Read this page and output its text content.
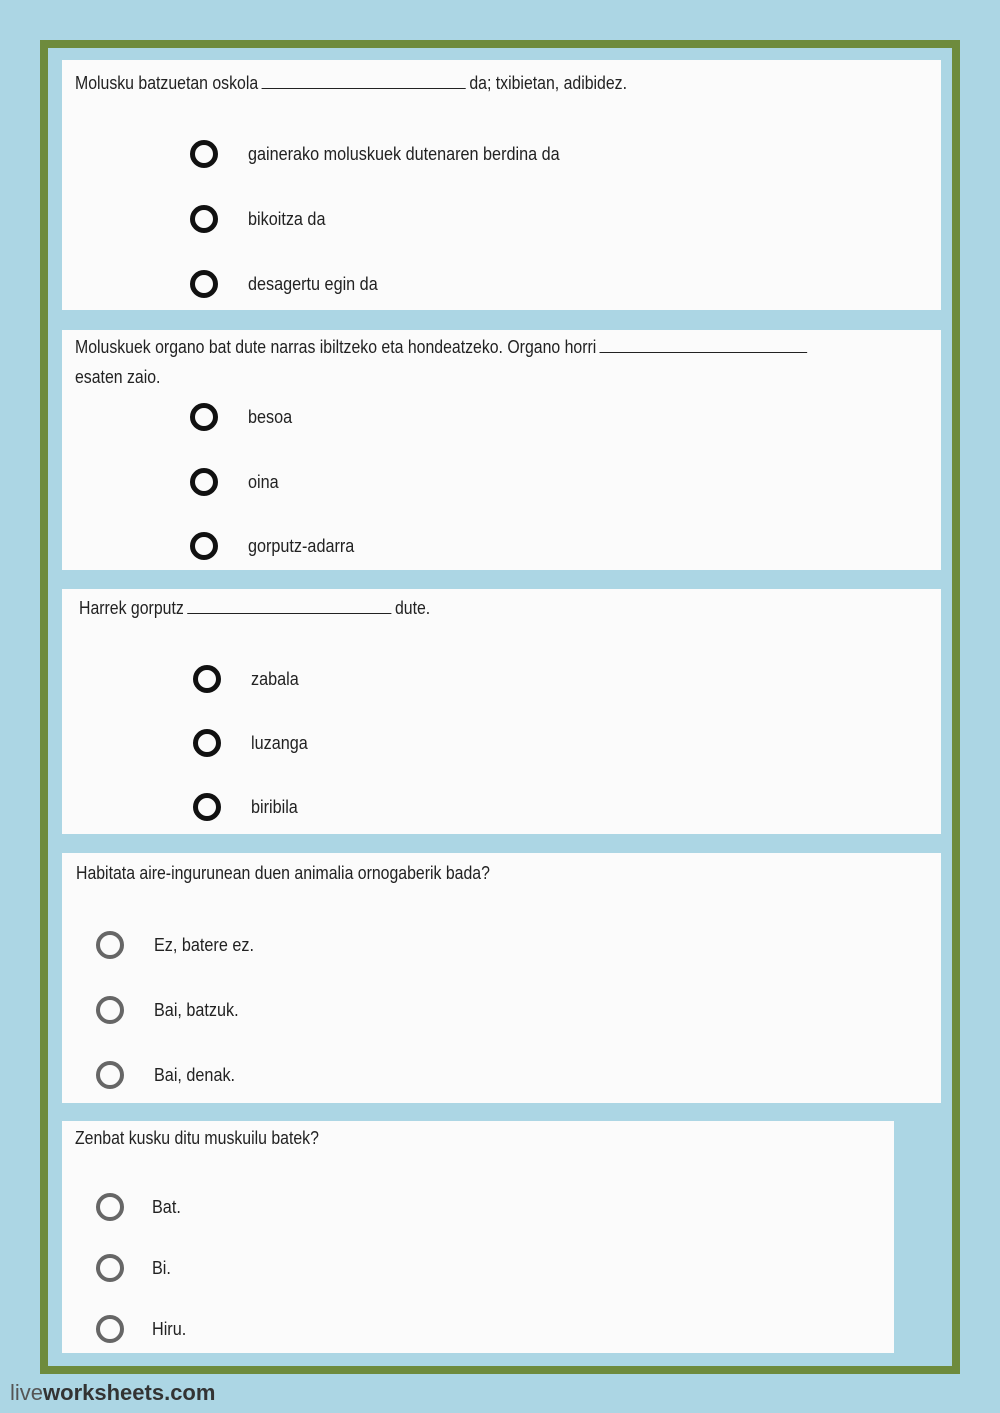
Molusku batzuetan oskola	da; txibietan, adibidez.
gainerako moluskuek dutenaren berdina da
bikoitza da
desagertu egin da
Moluskuek organo bat dute narras ibiltzeko eta hondeatzeko. Organo horri
esaten zaio.
besoa
oina
gorputz-adarra
Harrek gorputz	dute.
zabala
luzanga
biribila
Habitata aire-ingurunean duen animalia ornogaberik bada?
Ez, batere ez.
Bai, batzuk.
Bai, denak.
Zenbat kusku ditu muskuilu batek?
Bat.
Bi.
Hiru.
liveworksheets.com
